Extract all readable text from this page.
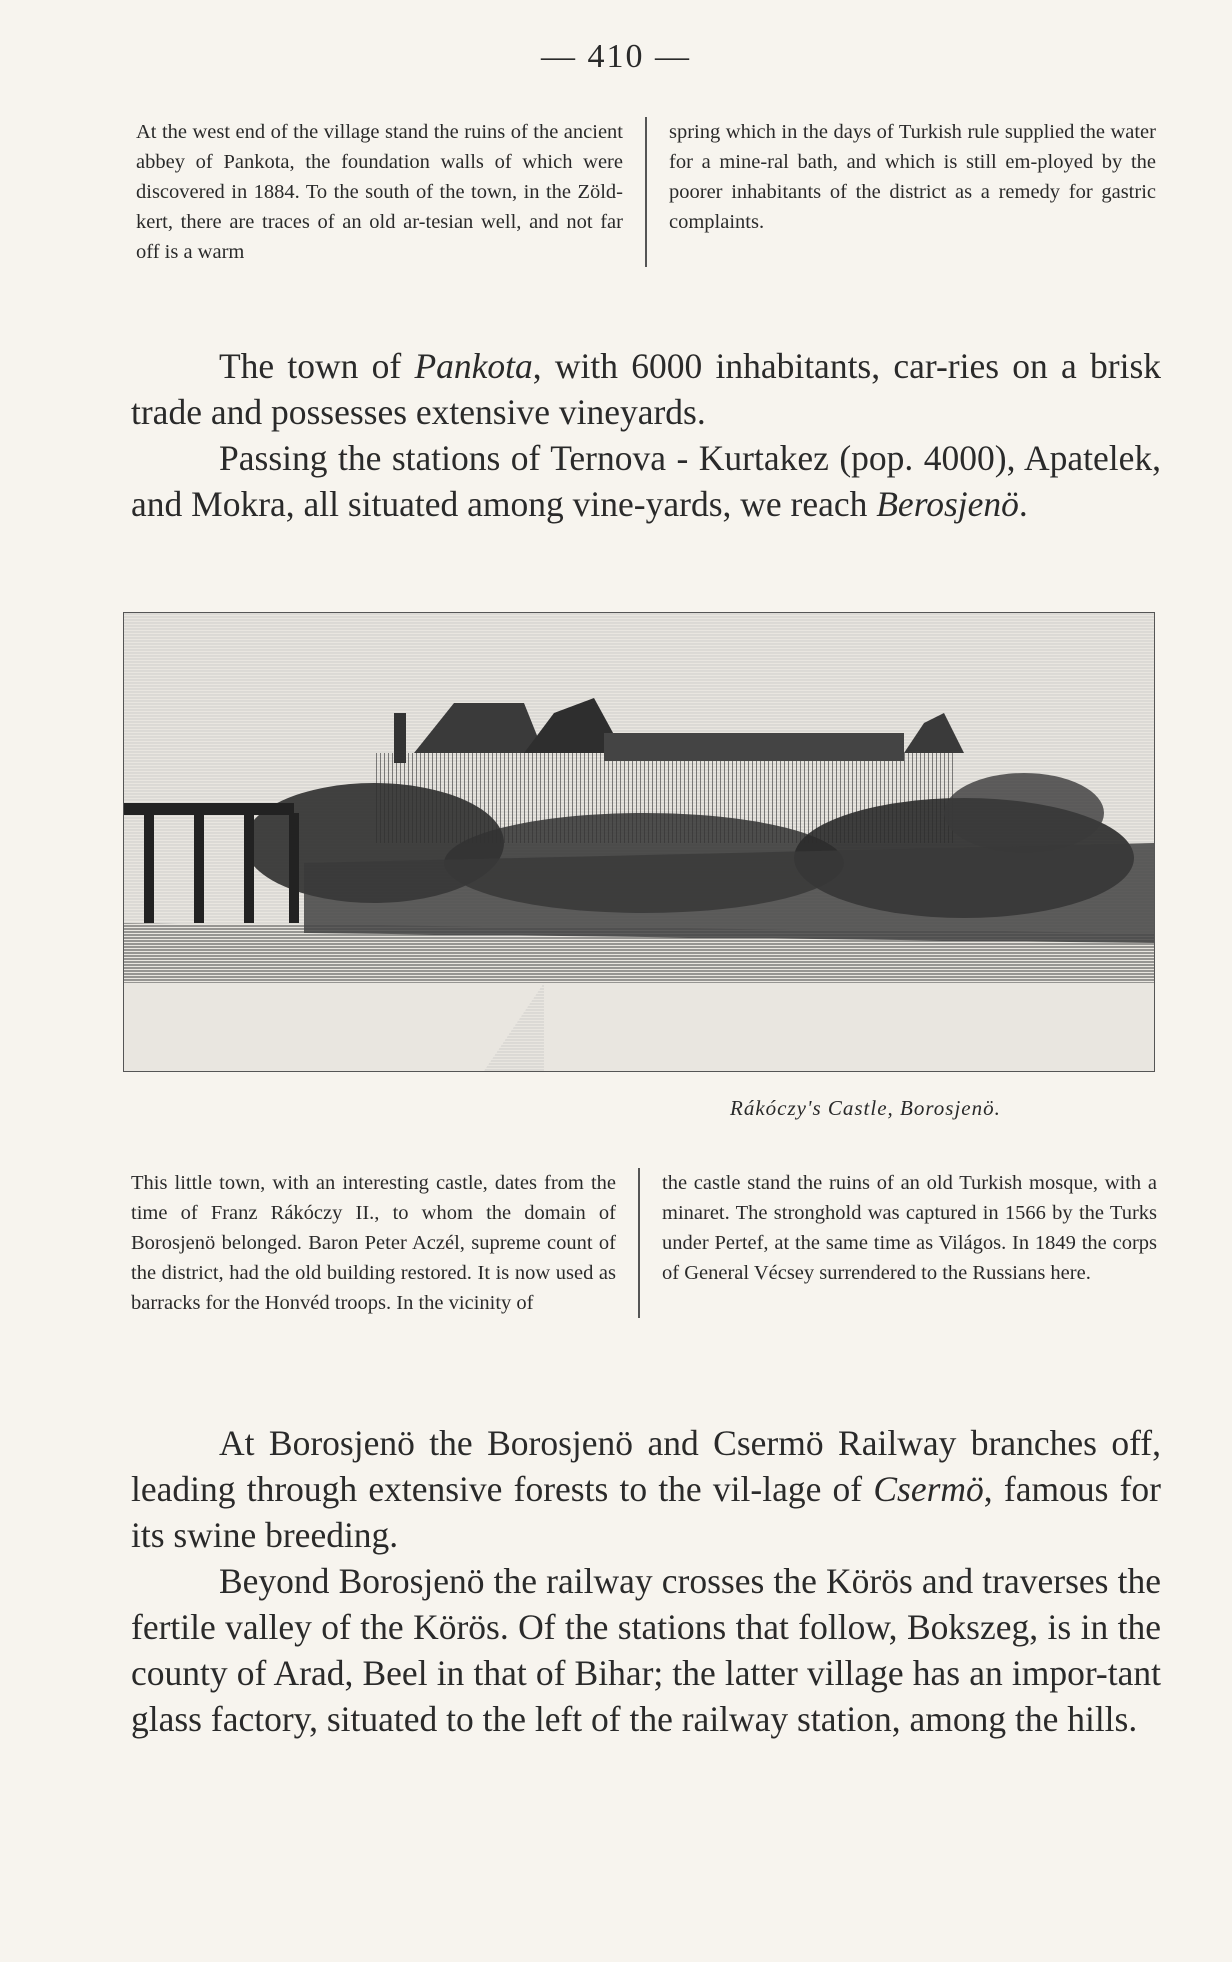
— 410 —
At the west end of the village stand the ruins of the ancient abbey of Pankota, the foundation walls of which were discovered in 1884. To the south of the town, in the Zöld-kert, there are traces of an old ar-tesian well, and not far off is a warm
spring which in the days of Turkish rule supplied the water for a mine-ral bath, and which is still em-ployed by the poorer inhabitants of the district as a remedy for gastric complaints.

The town of Pankota, with 6000 inhabitants, car-ries on a brisk trade and possesses extensive vineyards.

Passing the stations of Ternova - Kurtakez (pop. 4000), Apatelek, and Mokra, all situated among vine-yards, we reach Berosjenö.

Rákóczy's Castle, Borosjenö.
This little town, with an interesting castle, dates from the time of Franz Rákóczy II., to whom the domain of Borosjenö belonged. Baron Peter Aczél, supreme count of the district, had the old building restored. It is now used as barracks for the Honvéd troops. In the vicinity of
the castle stand the ruins of an old Turkish mosque, with a minaret. The stronghold was captured in 1566 by the Turks under Pertef, at the same time as Világos. In 1849 the corps of General Vécsey surrendered to the Russians here.

At Borosjenö the Borosjenö and Csermö Railway branches off, leading through extensive forests to the vil-lage of Csermö, famous for its swine breeding.

Beyond Borosjenö the railway crosses the Körös and traverses the fertile valley of the Körös. Of the stations that follow, Bokszeg, is in the county of Arad, Beel in that of Bihar; the latter village has an impor-tant glass factory, situated to the left of the railway station, among the hills.
